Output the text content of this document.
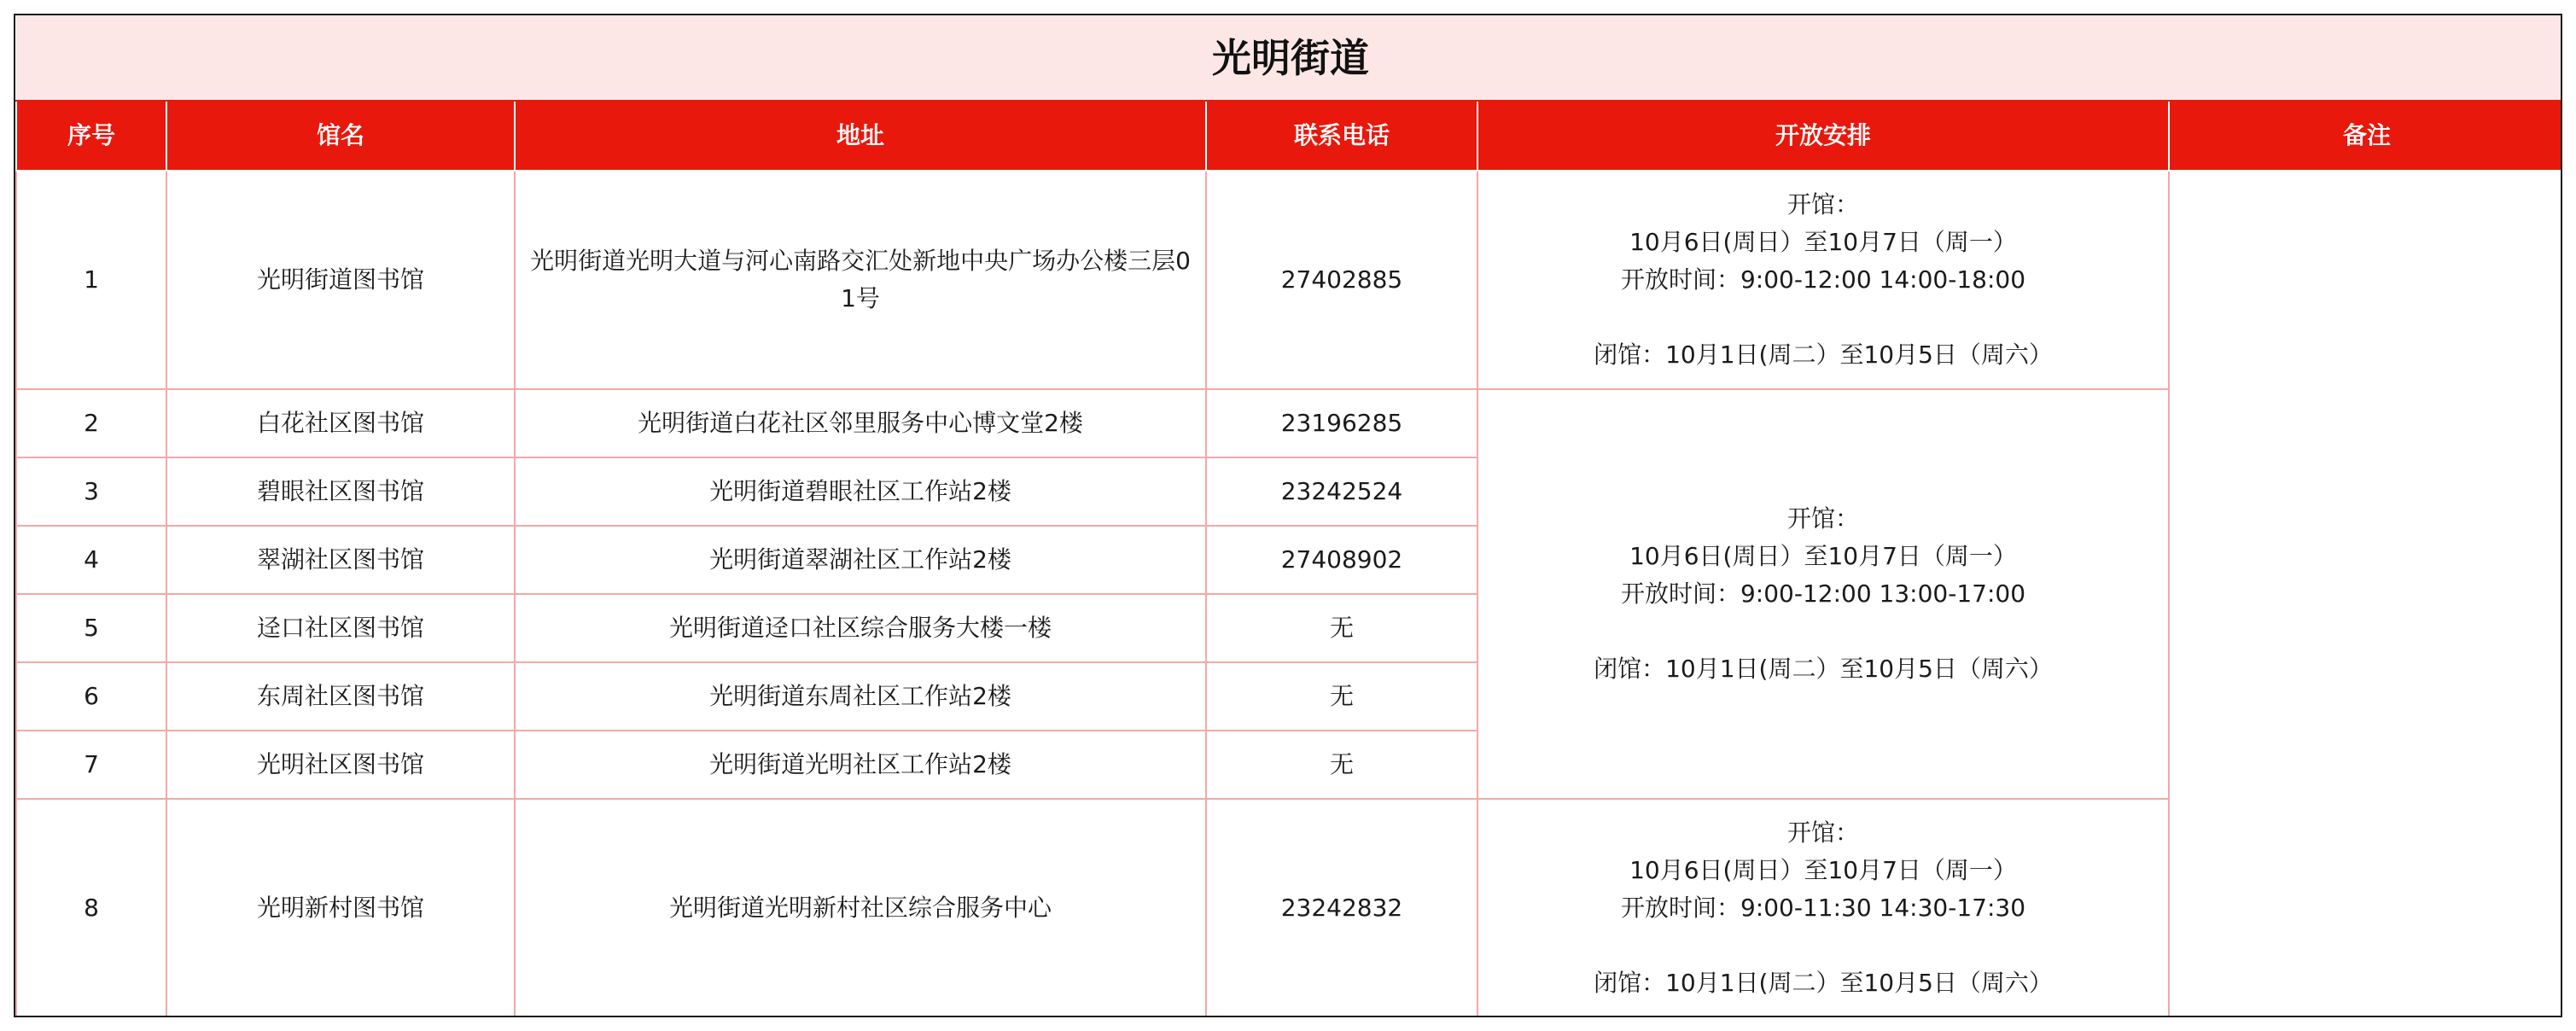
光明街道					
序号	馆名	地址	联系电话	开放安排	备注
1	光明街道图书馆	光明街道光明大道与河心南路交汇处新地中央广场办公楼三层01号	27402885	开馆：
10月6日(周日）至10月7日（周一）
开放时间：9:00-12:00 14:00-18:00
闭馆：10月1日(周二）至10月5日（周六）	

2	白花社区图书馆	光明街道白花社区邻里服务中心博文堂2楼	23196285	开馆：
10月6日(周日）至10月7日（周一）
开放时间：9:00-12:00 13:00-17:00
闭馆：10月1日(周二）至10月5日（周六）	

3	碧眼社区图书馆	光明街道碧眼社区工作站2楼	23242524		
4	翠湖社区图书馆	光明街道翠湖社区工作站2楼	27408902		
5	迳口社区图书馆	光明街道迳口社区综合服务大楼一楼	无		
6	东周社区图书馆	光明街道东周社区工作站2楼	无		
7	光明社区图书馆	光明街道光明社区工作站2楼	无		
8	光明新村图书馆	光明街道光明新村社区综合服务中心	23242832	开馆：
10月6日(周日）至10月7日（周一）
开放时间：9:00-11:30 14:30-17:30
闭馆：10月1日(周二）至10月5日（周六）	
